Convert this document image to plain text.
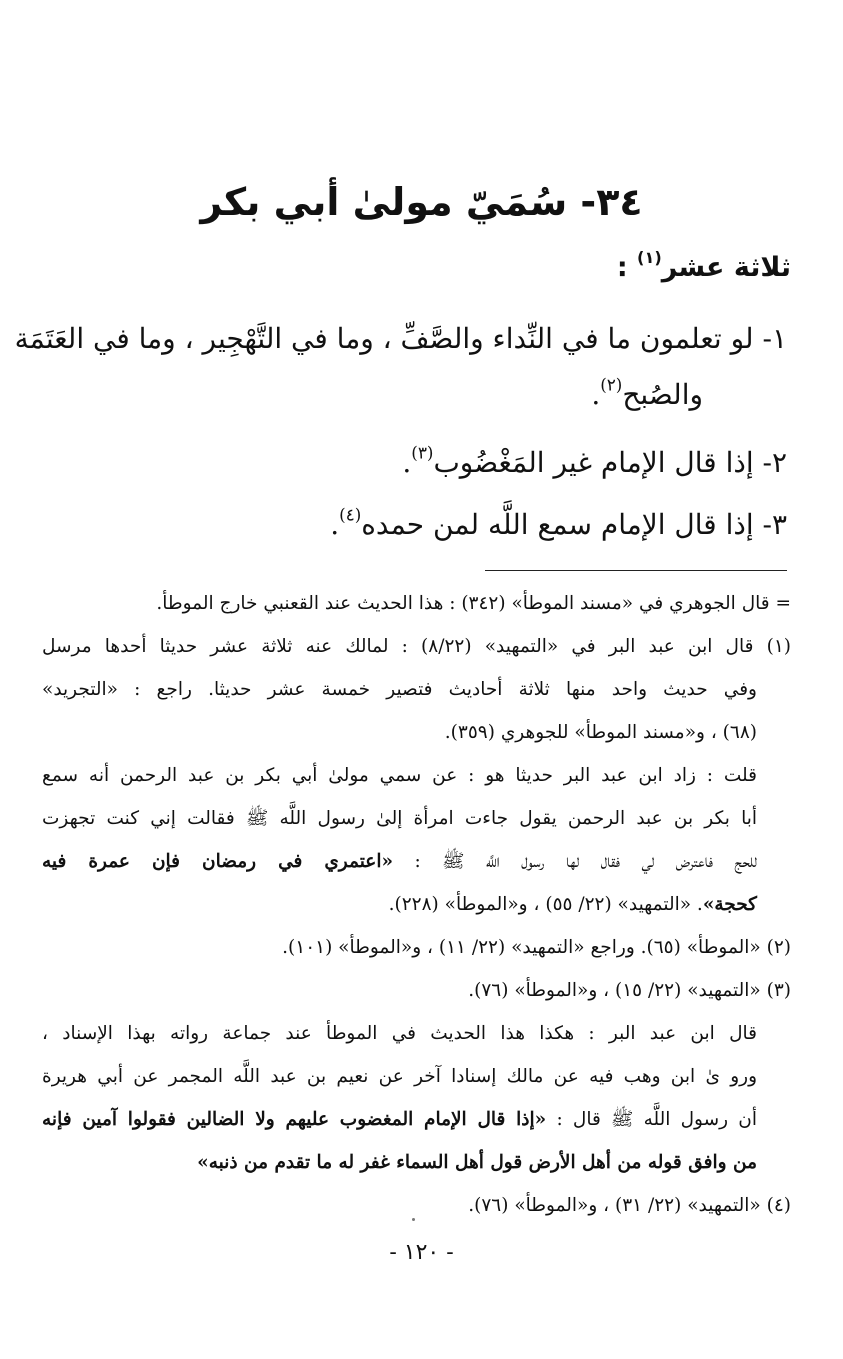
٣٤- سُمَيّ مولىٰ أبي بكر
ثلاثة عشر$^{(١)}$ :
١- لو تعلمون ما في النِّداء والصَّفِّ ، وما في التَّهْجِير ، وما في العَتَمَة
والصُبح$^{(٢)}$.
٢- إذا قال الإمام غير المَغْضُوب$^{(٣)}$.
٣- إذا قال الإمام سمع اللَّه لمن حمده$^{(٤)}$.
= قال الجوهري في «مسند الموطأ» (٣٤٢) : هذا الحديث عند القعنبي خارج الموطأ.
(١) قال ابن عبد البر في «التمهيد» (٨/٢٢) : لمالك عنه ثلاثة عشر حديثا أحدها مرسل
وفي حديث واحد منها ثلاثة أحاديث فتصير خمسة عشر حديثا. راجع : «التجريد»
(٦٨) ، و«مسند الموطأ» للجوهري (٣٥٩).
قلت : زاد ابن عبد البر حديثا هو : عن سمي مولىٰ أبي بكر بن عبد الرحمن أنه سمع
أبا بكر بن عبد الرحمن يقول جاءت امرأة إلىٰ رسول اللَّه ﷺ فقالت إني كنت تجهزت
للحج فاعترض لي فقال لها رسول اللَّه ﷺ : «اعتمري في رمضان فإن عمرة فيه
كحجة». «التمهيد» (٢٢/ ٥٥) ، و«الموطأ» (٢٢٨).
(٢) «الموطأ» (٦٥). وراجع «التمهيد» (٢٢/ ١١) ، و«الموطأ» (١٠١).
(٣) «التمهيد» (٢٢/ ١٥) ، و«الموطأ» (٧٦).
قال ابن عبد البر : هكذا هذا الحديث في الموطأ عند جماعة رواته بهذا الإسناد ،
ورو ىٰ ابن وهب فيه عن مالك إسنادا آخر عن نعيم بن عبد اللَّه المجمر عن أبي هريرة
أن رسول اللَّه ﷺ قال : «إذا قال الإمام المغضوب عليهم ولا الضالين فقولوا آمين فإنه
من وافق قوله من أهل الأرض قول أهل السماء غفر له ما تقدم من ذنبه»
(٤) «التمهيد» (٢٢/ ٣١) ، و«الموطأ» (٧٦).
- ١٢٠ -
